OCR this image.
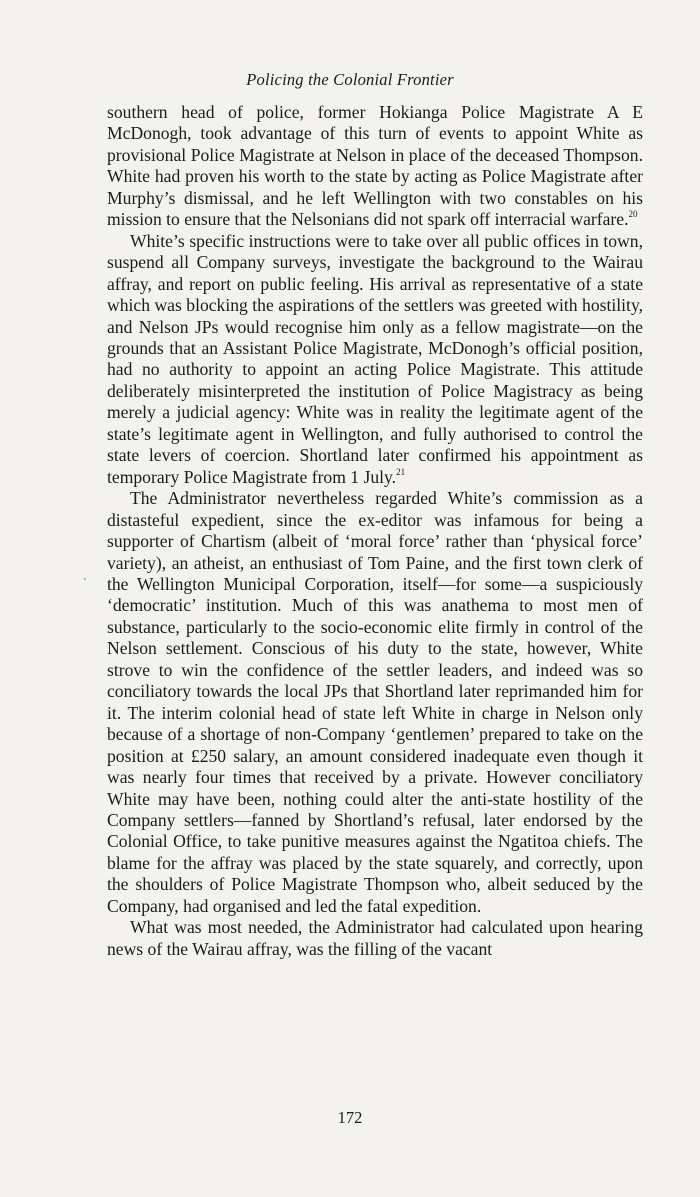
Policing the Colonial Frontier

southern head of police, former Hokianga Police Magistrate A E McDonogh, took advantage of this turn of events to appoint White as provisional Police Magistrate at Nelson in place of the deceased Thompson. White had proven his worth to the state by acting as Police Magistrate after Murphy’s dismissal, and he left Wellington with two constables on his mission to ensure that the Nelsonians did not spark off interracial warfare.$^{20}$

White’s specific instructions were to take over all public offices in town, suspend all Company surveys, investigate the background to the Wairau affray, and report on public feeling. His arrival as representative of a state which was blocking the aspirations of the settlers was greeted with hostility, and Nelson JPs would recognise him only as a fellow magistrate—on the grounds that an Assistant Police Magistrate, McDonogh’s official position, had no authority to appoint an acting Police Magistrate. This attitude deliberately misinterpreted the institution of Police Magistracy as being merely a judicial agency: White was in reality the legitimate agent of the state’s legitimate agent in Wellington, and fully authorised to control the state levers of coercion. Shortland later confirmed his appointment as temporary Police Magistrate from 1 July.$^{21}$

The Administrator nevertheless regarded White’s commission as a distasteful expedient, since the ex-editor was infamous for being a supporter of Chartism (albeit of ‘moral force’ rather than ‘physical force’ variety), an atheist, an enthusiast of Tom Paine, and the first town clerk of the Wellington Municipal Corporation, itself—for some—a suspiciously ‘democratic’ institution. Much of this was anathema to most men of substance, particularly to the socio-economic elite firmly in control of the Nelson settlement. Conscious of his duty to the state, however, White strove to win the confidence of the settler leaders, and indeed was so conciliatory towards the local JPs that Shortland later reprimanded him for it. The interim colonial head of state left White in charge in Nelson only because of a shortage of non-Company ‘gentlemen’ prepared to take on the position at £250 salary, an amount considered inadequate even though it was nearly four times that received by a private. However conciliatory White may have been, nothing could alter the anti-state hostility of the Company settlers—fanned by Shortland’s refusal, later endorsed by the Colonial Office, to take punitive measures against the Ngatitoa chiefs. The blame for the affray was placed by the state squarely, and correctly, upon the shoulders of Police Magistrate Thompson who, albeit seduced by the Company, had organised and led the fatal expedition.

What was most needed, the Administrator had calculated upon hearing news of the Wairau affray, was the filling of the vacant

172
